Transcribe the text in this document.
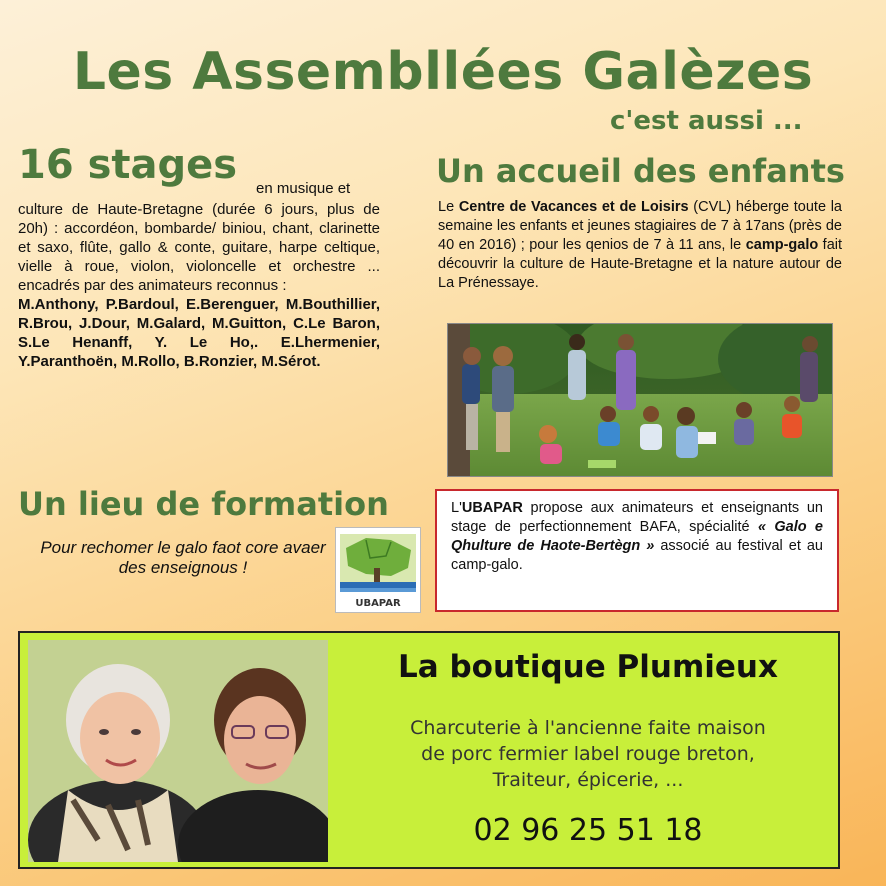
Les Assembllées Galèzes
c'est aussi ...
16 stages
en musique et
culture de Haute-Bretagne (durée 6 jours, plus de 20h) : accordéon, bombarde/ biniou, chant, clarinette et saxo, flûte, gallo & conte, guitare, harpe celtique, vielle à roue, violon, violoncelle et orchestre ... encadrés par des animateurs reconnus :
M.Anthony, P.Bardoul, E.Berenguer, M.Bouthillier, R.Brou, J.Dour, M.Galard, M.Guitton, C.Le Baron, S.Le Henanff, Y. Le Ho,. E.Lhermenier, Y.Paranthoën, M.Rollo, B.Ronzier, M.Sérot.
Un accueil des enfants
Le Centre de Vacances et de Loisirs (CVL) héberge toute la semaine les enfants et jeunes stagiaires de 7 à 17ans (près de 40 en 2016) ; pour les qenios de 7 à 11 ans, le camp-galo fait découvrir la culture de Haute-Bretagne et la nature autour de La Prénessaye.
Un lieu de formation
Pour rechomer le galo faot core avaer des enseignous !
UBAPAR
L'UBAPAR propose aux animateurs et enseignants un stage de perfectionnement BAFA, spécialité « Galo e Qhulture de Haote-Bertègn » associé au festival et au camp-galo.
La boutique Plumieux
Charcuterie à l'ancienne faite maison
de porc fermier label rouge breton,
Traiteur, épicerie, ...
02 96 25 51 18
